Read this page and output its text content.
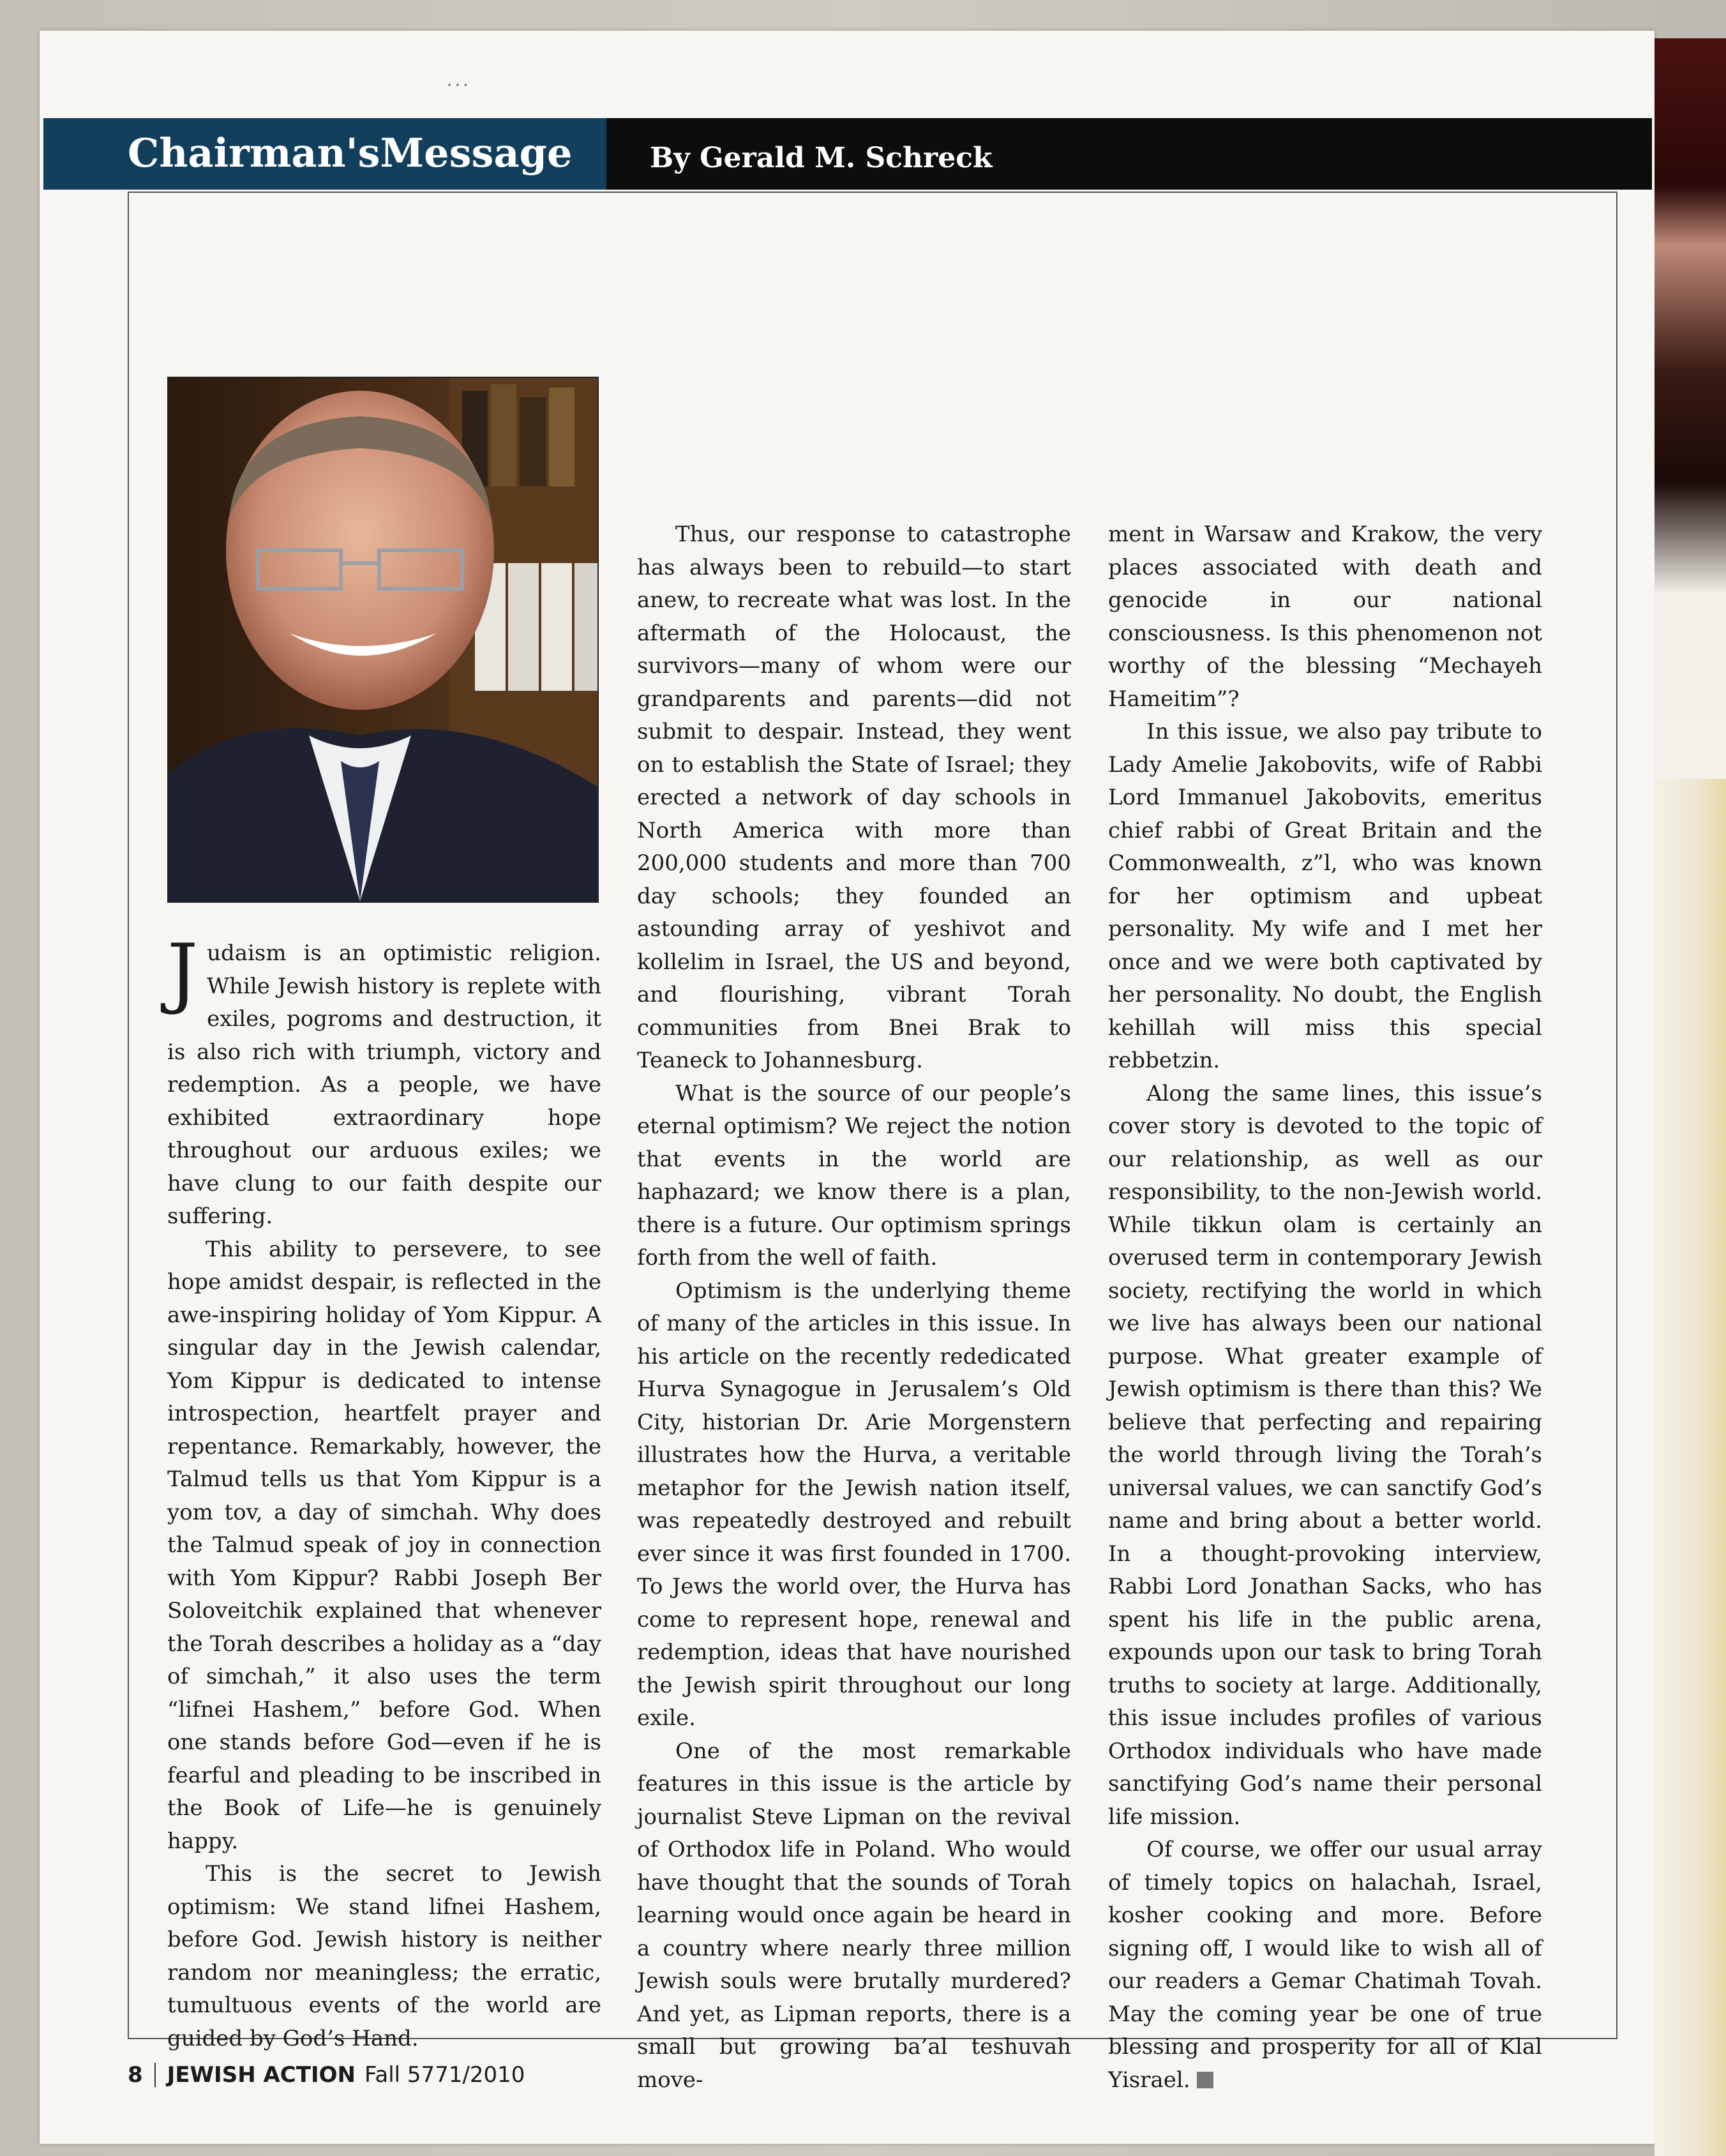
• • •
Chairman'sMessage	By Gerald M. Schreck

Judaism is an optimistic religion. While Jewish history is replete with exiles, pogroms and destruction, it is also rich with triumph, victory and redemption. As a people, we have exhibited extraordinary hope throughout our arduous exiles; we have clung to our faith despite our suffering.

This ability to persevere, to see hope amidst despair, is reflected in the awe-inspiring holiday of Yom Kippur. A singular day in the Jewish calendar, Yom Kippur is dedicated to intense introspection, heartfelt prayer and repentance. Remarkably, however, the Talmud tells us that Yom Kippur is a yom tov, a day of simchah. Why does the Talmud speak of joy in connection with Yom Kippur? Rabbi Joseph Ber Soloveitchik explained that whenever the Torah describes a holiday as a “day of simchah,” it also uses the term “lifnei Hashem,” before God. When one stands before God—even if he is fearful and pleading to be inscribed in the Book of Life—he is genuinely happy.

This is the secret to Jewish optimism: We stand lifnei Hashem, before God. Jewish history is neither random nor meaningless; the erratic, tumultuous events of the world are guided by God’s Hand.

Thus, our response to catastrophe has always been to rebuild—to start anew, to recreate what was lost. In the aftermath of the Holocaust, the survivors—many of whom were our grandparents and parents—did not submit to despair. Instead, they went on to establish the State of Israel; they erected a network of day schools in North America with more than 200,000 students and more than 700 day schools; they founded an astounding array of yeshivot and kollelim in Israel, the US and beyond, and flourishing, vibrant Torah communities from Bnei Brak to Teaneck to Johannesburg.

What is the source of our people’s eternal optimism? We reject the notion that events in the world are haphazard; we know there is a plan, there is a future. Our optimism springs forth from the well of faith.

Optimism is the underlying theme of many of the articles in this issue. In his article on the recently rededicated Hurva Synagogue in Jerusalem’s Old City, historian Dr. Arie Morgenstern illustrates how the Hurva, a veritable metaphor for the Jewish nation itself, was repeatedly destroyed and rebuilt ever since it was first founded in 1700. To Jews the world over, the Hurva has come to represent hope, renewal and redemption, ideas that have nourished the Jewish spirit throughout our long exile.

One of the most remarkable features in this issue is the article by journalist Steve Lipman on the revival of Orthodox life in Poland. Who would have thought that the sounds of Torah learning would once again be heard in a country where nearly three million Jewish souls were brutally murdered? And yet, as Lipman reports, there is a small but growing ba’al teshuvah move-

ment in Warsaw and Krakow, the very places associated with death and genocide in our national consciousness. Is this phenomenon not worthy of the blessing “Mechayeh Hameitim”?

In this issue, we also pay tribute to Lady Amelie Jakobovits, wife of Rabbi Lord Immanuel Jakobovits, emeritus chief rabbi of Great Britain and the Commonwealth, z”l, who was known for her optimism and upbeat personality. My wife and I met her once and we were both captivated by her personality. No doubt, the English kehillah will miss this special rebbetzin.

Along the same lines, this issue’s cover story is devoted to the topic of our relationship, as well as our responsibility, to the non-Jewish world. While tikkun olam is certainly an overused term in contemporary Jewish society, rectifying the world in which we live has always been our national purpose. What greater example of Jewish optimism is there than this? We believe that perfecting and repairing the world through living the Torah’s universal values, we can sanctify God’s name and bring about a better world. In a thought-provoking interview, Rabbi Lord Jonathan Sacks, who has spent his life in the public arena, expounds upon our task to bring Torah truths to society at large. Additionally, this issue includes profiles of various Orthodox individuals who have made sanctifying God’s name their personal life mission.

Of course, we offer our usual array of timely topics on halachah, Israel, kosher cooking and more. Before signing off, I would like to wish all of our readers a Gemar Chatimah Tovah. May the coming year be one of true blessing and prosperity for all of Klal Yisrael.

8 JEWISH ACTION Fall 5771/2010
